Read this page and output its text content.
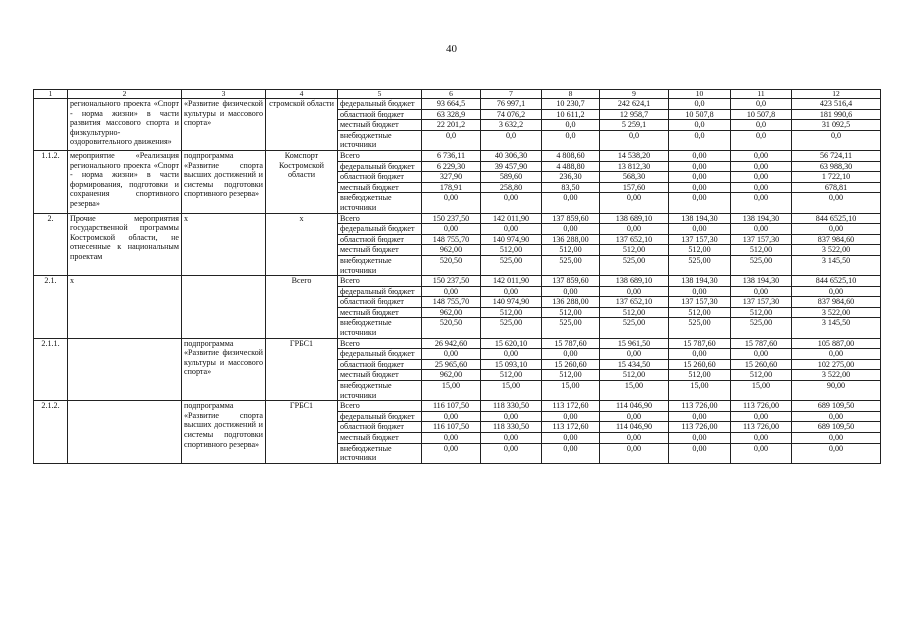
40
1	2	3	4	5	6	7	8	9	10	11	12
	регионального проекта «Спорт - норма жизни» в части развития массового спорта и физкультурно-оздоровительного движения»	«Развитие физической культуры и массового спорта»	стромской области	федеральный бюджет	93 664,5	76 997,1	10 230,7	242 624,1	0,0	0,0	423 516,4
				областной бюджет	63 328,9	74 076,2	10 611,2	12 958,7	10 507,8	10 507,8	181 990,6
				местный бюджет	22 201,2	3 632,2	0,0	5 259,1	0,0	0,0	31 092,5
				внебюджетные источники	0,0	0,0	0,0	0,0	0,0	0,0	0,0
1.1.2.	мероприятие «Реализация регионального проекта «Спорт - норма жизни» в части формирования, подготовки и сохранения спортивного резерва»	подпрограмма «Развитие спорта высших достижений и системы подготовки спортивного резерва»	Комспорт Костромской области	Всего	6 736,11	40 306,30	4 808,60	14 538,20	0,00	0,00	56 724,11
				федеральный бюджет	6 229,30	39 457,90	4 488,80	13 812,30	0,00	0,00	63 988,30
				областной бюджет	327,90	589,60	236,30	568,30	0,00	0,00	1 722,10
				местный бюджет	178,91	258,80	83,50	157,60	0,00	0,00	678,81
				внебюджетные источники	0,00	0,00	0,00	0,00	0,00	0,00	0,00
2.	Прочие мероприятия государственной программы Костромской области, не отнесенные к национальным проектам	x	x	Всего	150 237,50	142 011,90	137 859,60	138 689,10	138 194,30	138 194,30	844 6525,10
				федеральный бюджет	0,00	0,00	0,00	0,00	0,00	0,00	0,00
				областной бюджет	148 755,70	140 974,90	136 288,00	137 652,10	137 157,30	137 157,30	837 984,60
				местный бюджет	962,00	512,00	512,00	512,00	512,00	512,00	3 522,00
				внебюджетные источники	520,50	525,00	525,00	525,00	525,00	525,00	3 145,50
2.1.	x		Всего	Всего	150 237,50	142 011,90	137 859,60	138 689,10	138 194,30	138 194,30	844 6525,10
				федеральный бюджет	0,00	0,00	0,00	0,00	0,00	0,00	0,00
				областной бюджет	148 755,70	140 974,90	136 288,00	137 652,10	137 157,30	137 157,30	837 984,60
				местный бюджет	962,00	512,00	512,00	512,00	512,00	512,00	3 522,00
				внебюджетные источники	520,50	525,00	525,00	525,00	525,00	525,00	3 145,50
2.1.1.		подпрограмма «Развитие физической культуры и массового спорта»	ГРБС1	Всего	26 942,60	15 620,10	15 787,60	15 961,50	15 787,60	15 787,60	105 887,00
				федеральный бюджет	0,00	0,00	0,00	0,00	0,00	0,00	0,00
				областной бюджет	25 965,60	15 093,10	15 260,60	15 434,50	15 260,60	15 260,60	102 275,00
				местный бюджет	962,00	512,00	512,00	512,00	512,00	512,00	3 522,00
				внебюджетные источники	15,00	15,00	15,00	15,00	15,00	15,00	90,00
2.1.2.		подпрограмма «Развитие спорта высших достижений и системы подготовки спортивного резерва»	ГРБС1	Всего	116 107,50	118 330,50	113 172,60	114 046,90	113 726,00	113 726,00	689 109,50
				федеральный бюджет	0,00	0,00	0,00	0,00	0,00	0,00	0,00
				областной бюджет	116 107,50	118 330,50	113 172,60	114 046,90	113 726,00	113 726,00	689 109,50
				местный бюджет	0,00	0,00	0,00	0,00	0,00	0,00	0,00
				внебюджетные источники	0,00	0,00	0,00	0,00	0,00	0,00	0,00
